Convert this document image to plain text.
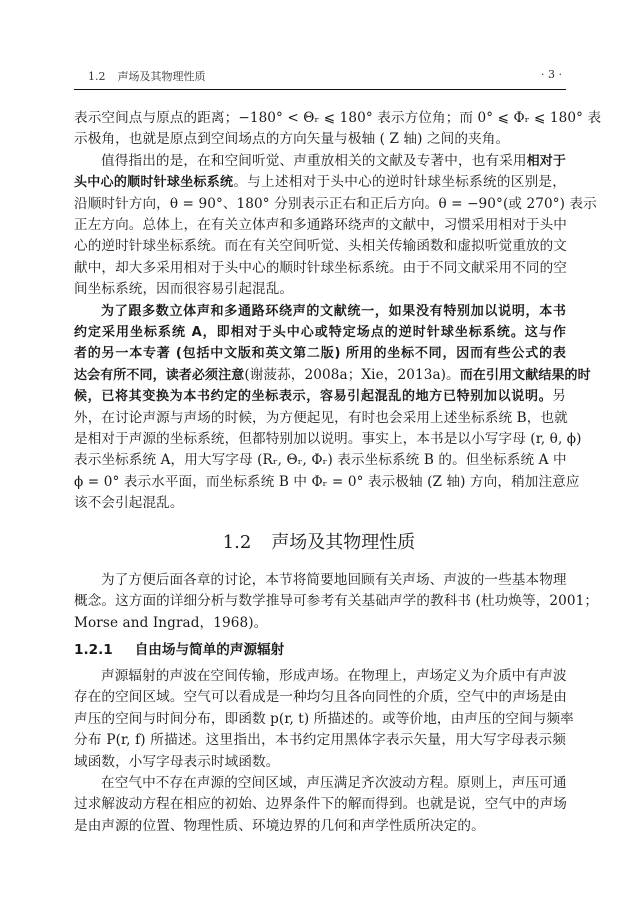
1.2 声场及其物理性质	· 3 ·
表示空间点与原点的距离；−180° < Θᵣ ⩽ 180° 表示方位角；而 0° ⩽ Φᵣ ⩽ 180° 表
示极角，也就是原点到空间场点的方向矢量与极轴 ( Z 轴) 之间的夹角。
值得指出的是，在和空间听觉、声重放相关的文献及专著中，也有采用相对于
头中心的顺时针球坐标系统。与上述相对于头中心的逆时针球坐标系统的区别是，
沿顺时针方向，θ = 90°、180° 分别表示正右和正后方向。θ = −90°(或 270°) 表示
正左方向。总体上，在有关立体声和多通路环绕声的文献中，习惯采用相对于头中
心的逆时针球坐标系统。而在有关空间听觉、头相关传输函数和虚拟听觉重放的文
献中，却大多采用相对于头中心的顺时针球坐标系统。由于不同文献采用不同的空
间坐标系统，因而很容易引起混乱。
为了跟多数立体声和多通路环绕声的文献统一，如果没有特别加以说明，本书
约定采用坐标系统 A，即相对于头中心或特定场点的逆时针球坐标系统。这与作
者的另一本专著 (包括中文版和英文第二版) 所用的坐标不同，因而有些公式的表
达会有所不同，读者必须注意(谢菠荪，2008a；Xie，2013a)。而在引用文献结果的时
候，已将其变换为本书约定的坐标表示，容易引起混乱的地方已特别加以说明。另
外，在讨论声源与声场的时候，为方便起见，有时也会采用上述坐标系统 B，也就
是相对于声源的坐标系统，但都特别加以说明。事实上，本书是以小写字母 (r, θ, ϕ)
表示坐标系统 A，用大写字母 (Rᵣ, Θᵣ, Φᵣ) 表示坐标系统 B 的。但坐标系统 A 中
ϕ = 0° 表示水平面，而坐标系统 B 中 Φᵣ = 0° 表示极轴 (Z 轴) 方向，稍加注意应
该不会引起混乱。
1.2 声场及其物理性质
为了方便后面各章的讨论，本节将简要地回顾有关声场、声波的一些基本物理
概念。这方面的详细分析与数学推导可参考有关基础声学的教科书 (杜功焕等，2001；
Morse and Ingrad，1968)。
1.2.1 自由场与简单的声源辐射
声源辐射的声波在空间传输，形成声场。在物理上，声场定义为介质中有声波
存在的空间区域。空气可以看成是一种均匀且各向同性的介质，空气中的声场是由
声压的空间与时间分布，即函数 p(r, t) 所描述的。或等价地，由声压的空间与频率
分布 P(r, f) 所描述。这里指出，本书约定用黑体字表示矢量，用大写字母表示频
域函数，小写字母表示时域函数。
在空气中不存在声源的空间区域，声压满足齐次波动方程。原则上，声压可通
过求解波动方程在相应的初始、边界条件下的解而得到。也就是说，空气中的声场
是由声源的位置、物理性质、环境边界的几何和声学性质所决定的。
